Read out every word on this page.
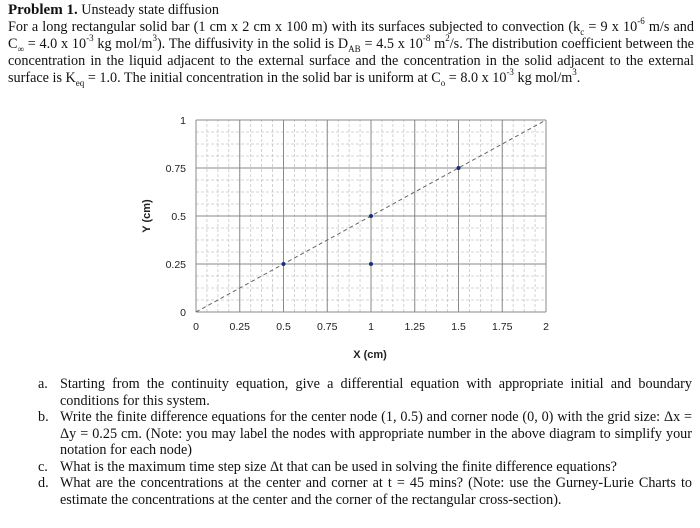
Problem 1. Unsteady state diffusion
For a long rectangular solid bar (1 cm x 2 cm x 100 m) with its surfaces subjected to convection ($k_c = 9$ x $10^{-6}$ m/s and $C_\infty = 4.0$ x $10^{-3}$ kg mol/$m^3$). The diffusivity in the solid is $D_{AB} = 4.5$ x $10^{-8}$ $m^2/s$. The distribution coefficient between the concentration in the liquid adjacent to the external surface and the concentration in the solid adjacent to the external surface is $K_{eq} = 1.0$. The initial concentration in the solid bar is uniform at $C_o = 8.0$ x $10^{-3}$ kg mol/$m^3$.
0
0.25
0.5
0.75
1
0	0.25 0.5 0.75	1	1.25 1.5 1.75	2
Y (cm)
X (cm)
a. Starting from the continuity equation, give a differential equation with appropriate initial and boundary conditions for this system.
b. Write the finite difference equations for the center node (1, 0.5) and corner node (0, 0) with the grid size: Δx = Δy = 0.25 cm. (Note: you may label the nodes with appropriate number in the above diagram to simplify your notation for each node)
c. What is the maximum time step size Δt that can be used in solving the finite difference equations?
d. What are the concentrations at the center and corner at t = 45 mins? (Note: use the Gurney-Lurie Charts to estimate the concentrations at the center and the corner of the rectangular cross-section).
